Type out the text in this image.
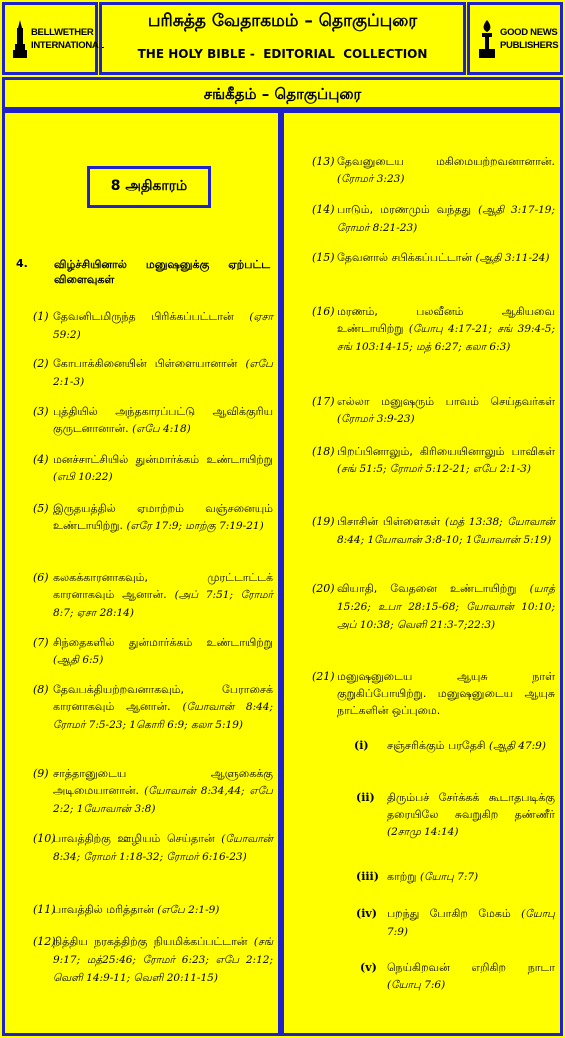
BELLWETHER
INTERNATIONAL
பரிசுத்த வேதாகமம் – தொகுப்புரை
THE HOLY BIBLE -  EDITORIAL  COLLECTION
GOOD NEWS
PUBLISHERS
சங்கீதம் – தொகுப்புரை
8 அதிகாரம்
4. விழ்ச்சியினால் மனுஷனுக்கு ஏற்பட்ட விளைவுகள்
(1) தேவனிடமிருந்த பிரிக்கப்பட்டான் (ஏசா 59:2)
(2) கோபாக்கினையின் பிள்ளையானான் (எபே 2:1-3)
(3) புத்தியில் அந்தகாரப்பட்டு ஆவிக்குரிய குருடனானான். (எபே 4:18)
(4) மனச்சாட்சியில் துன்மார்க்கம் உண்டாயிற்று (எபி 10:22)
(5) இருதயத்தில் ஏமாற்றம் வஞ்சனையும் உண்டாயிற்று. (எரே 17:9; மாற்கு 7:19-21)
(6) கலகக்காரனாகவும், முரட்டாட்டக் காரனாகவும் ஆனான். (அப் 7:51; ரோமர் 8:7; ஏசா 28:14)
(7) சிந்தைகளில் துன்மார்க்கம் உண்டாயிற்று (ஆதி 6:5)
(8) தேவபக்தியற்றவனாகவும், பேராசைக் காரனாகவும் ஆனான். (யோவான் 8:44; ரோமர் 7:5-23; 1கொரி 6:9; கலா 5:19)
(9) சாத்தானுடைய ஆளுகைக்கு அடிமையானான். (யோவான் 8:34,44; எபே 2:2; 1யோவான் 3:8)
(10)
பாவத்திற்கு ஊழியம் செய்தான் (யோவான் 8:34; ரோமர் 1:18-32; ரோமர் 6:16-23)
(11)
பாவத்தில் மரித்தான் (எபே 2:1-9)
(12)
நித்திய நரகத்திற்கு நியமிக்கப்பட்டான் (சங் 9:17; மத்25:46; ரோமர் 6:23; எபே 2:12; வெளி 14:9-11; வெளி 20:11-15)
(13) தேவனுடைய மகிமையற்றவனானான். (ரோமர் 3:23)
(14) பாடும், மரணமும் வந்தது (ஆதி 3:17-19; ரோமர் 8:21-23)
(15) தேவனால் சபிக்கப்பட்டான் (ஆதி 3:11-24)
(16) மரணம், பலவீனம் ஆகியவை உண்டாயிற்று (யோபு 4:17-21; சங் 39:4-5; சங் 103:14-15; மத் 6:27; கலா 6:3)
(17) எல்லா மனுஷரும் பாவம் செய்தவர்கள் (ரோமர் 3:9-23)
(18) பிறப்பினாலும், கிரியையினாலும் பாவிகள் (சங் 51:5; ரோமர் 5:12-21; எபே 2:1-3)
(19) பிசாசின் பிள்ளைகள் (மத் 13:38; யோவான் 8:44; 1யோவான் 3:8-10; 1யோவான் 5:19)
(20) வியாதி, வேதனை உண்டாயிற்று (யாத் 15:26; உபா 28:15-68; யோவான் 10:10; அப் 10:38; வெளி 21:3-7;22:3)
(21) மனுஷனுடைய ஆயுசு நாள் குறுகிப்போயிற்று. மனுஷனுடைய ஆயுசு நாட்களின் ஒப்புமை.
(i) சஞ்சரிக்கும் பரதேசி (ஆதி 47:9)
(ii) திரும்பச் சேர்க்கக் கூடாதபடிக்கு தரையிலே சுவறுகிற தண்ணீர் (2சாமு 14:14)
(iii) காற்று (யோபு 7:7)
(iv) பறந்து போகிற மேகம் (யோபு 7:9)
(v) நெய்கிறவன் எறிகிற நாடா (யோபு 7:6)
